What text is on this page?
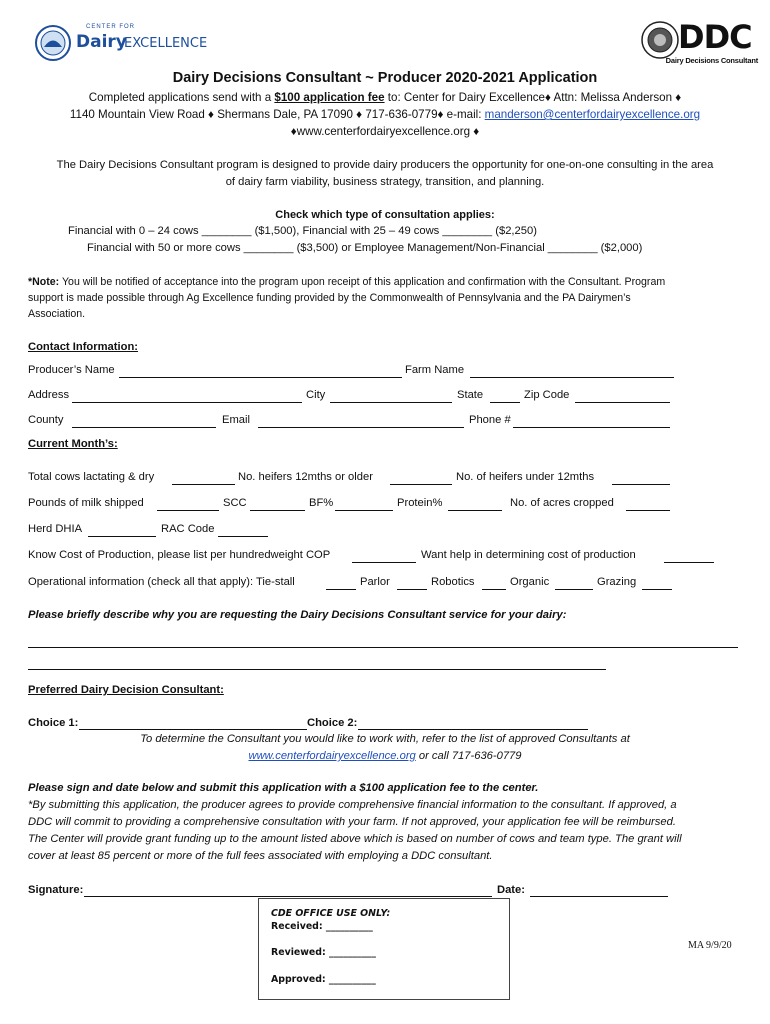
CENTER FOR
Dairy
EXCELLENCE	DDC
Dairy Decisions Consultant
Dairy Decisions Consultant ~ Producer 2020-2021 Application
Completed applications send with a $100 application fee to: Center for Dairy Excellence♦ Attn: Melissa Anderson ♦
1140 Mountain View Road ♦ Shermans Dale, PA 17090 ♦ 717-636-0779♦ e-mail: manderson@centerfordairyexcellence.org
♦www.centerfordairyexcellence.org ♦
The Dairy Decisions Consultant program is designed to provide dairy producers the opportunity for one-on-one consulting in the area
of dairy farm viability, business strategy, transition, and planning.
Check which type of consultation applies:
Financial with 0 – 24 cows ________ ($1,500), Financial with 25 – 49 cows ________ ($2,250)
Financial with 50 or more cows ________ ($3,500) or Employee Management/Non-Financial ________ ($2,000)
*Note: You will be notified of acceptance into the program upon receipt of this application and confirmation with the Consultant. Program
support is made possible through Ag Excellence funding provided by the Commonwealth of Pennsylvania and the PA Dairymen’s
Association.
Contact Information:
Producer’s Name	Farm Name
Address	City	State	Zip Code
County	Email	Phone #
Current Month’s:
Total cows lactating & dry	No. heifers 12mths or older	No. of heifers under 12mths
Pounds of milk shipped	SCC	BF%	Protein%	No. of acres cropped
Herd DHIA	RAC Code
Know Cost of Production, please list per hundredweight COP	Want help in determining cost of production
Operational information (check all that apply): Tie-stall	Parlor	Robotics	Organic	Grazing
Please briefly describe why you are requesting the Dairy Decisions Consultant service for your dairy:
Preferred Dairy Decision Consultant:
Choice 1:	Choice 2:
To determine the Consultant you would like to work with, refer to the list of approved Consultants at
www.centerfordairyexcellence.org or call 717-636-0779
Please sign and date below and submit this application with a $100 application fee to the center.
*By submitting this application, the producer agrees to provide comprehensive financial information to the consultant. If approved, a
DDC will commit to providing a comprehensive consultation with your farm. If not approved, your application fee will be reimbursed.
The Center will provide grant funding up to the amount listed above which is based on number of cows and team type. The grant will
cover at least 85 percent or more of the full fees associated with employing a DDC consultant.
Signature:	Date:
CDE OFFICE USE ONLY:
Received: __________
Reviewed: __________
Approved: __________
MA 9/9/20
